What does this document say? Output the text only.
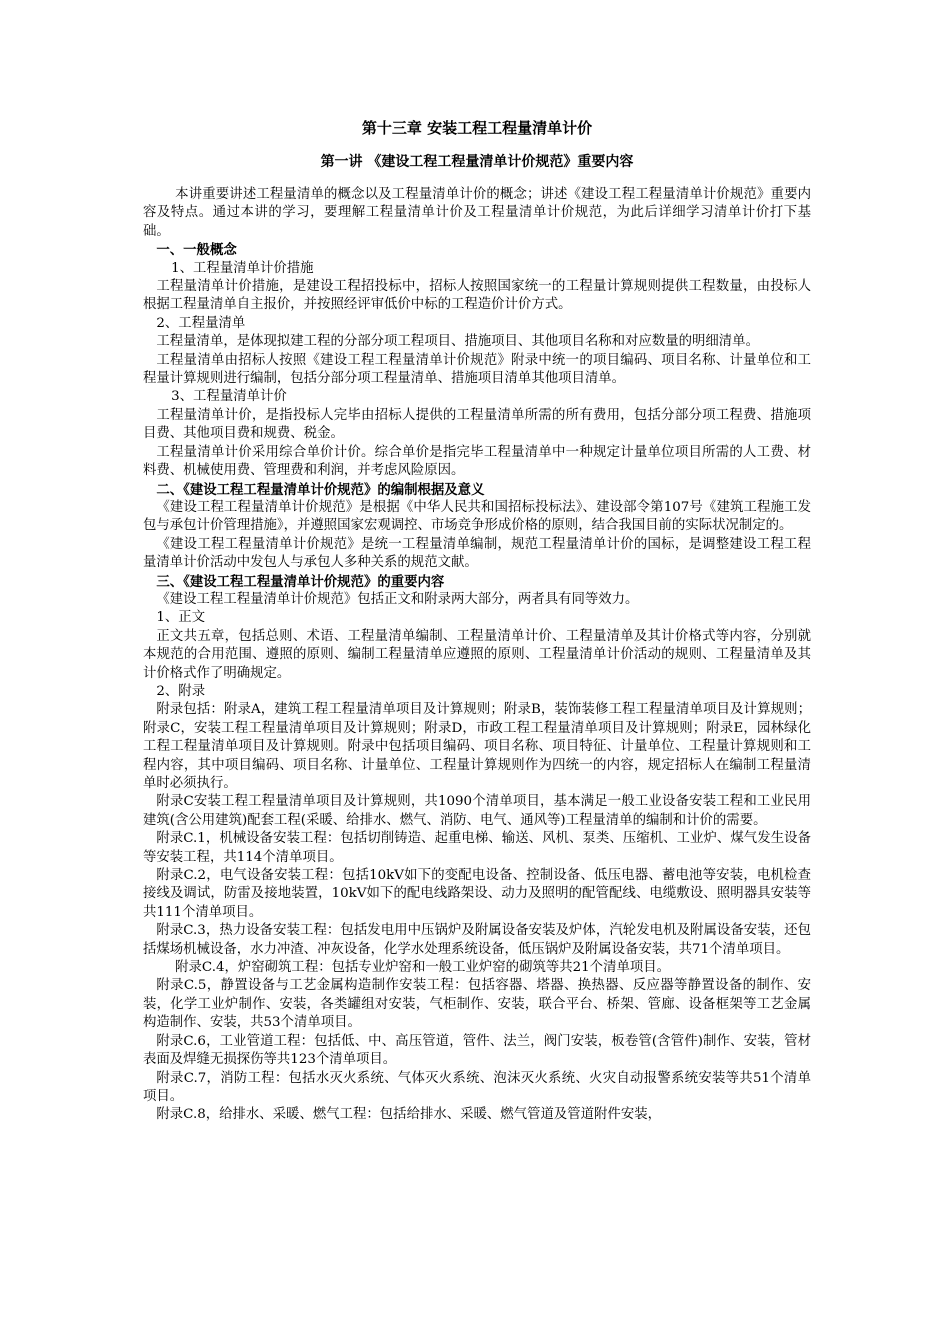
第十三章 安装工程工程量清单计价
第一讲 《建设工程工程量清单计价规范》重要内容

本讲重要讲述工程量清单的概念以及工程量清单计价的概念；讲述《建设工程工程量清单计价规范》重要内容及特点。通过本讲的学习，要理解工程量清单计价及工程量清单计价规范，为此后详细学习清单计价打下基础。

一、一般概念

1、工程量清单计价措施

工程量清单计价措施，是建设工程招投标中，招标人按照国家统一的工程量计算规则提供工程数量，由投标人根据工程量清单自主报价，并按照经评审低价中标的工程造价计价方式。

2、工程量清单

工程量清单，是体现拟建工程的分部分项工程项目、措施项目、其他项目名称和对应数量的明细清单。

工程量清单由招标人按照《建设工程工程量清单计价规范》附录中统一的项目编码、项目名称、计量单位和工程量计算规则进行编制，包括分部分项工程量清单、措施项目清单其他项目清单。

3、工程量清单计价

工程量清单计价，是指投标人完毕由招标人提供的工程量清单所需的所有费用，包括分部分项工程费、措施项目费、其他项目费和规费、税金。

工程量清单计价采用综合单价计价。综合单价是指完毕工程量清单中一种规定计量单位项目所需的人工费、材料费、机械使用费、管理费和利润，并考虑风险原因。

二、《建设工程工程量清单计价规范》的编制根据及意义

《建设工程工程量清单计价规范》是根据《中华人民共和国招标投标法》、建设部令第107号《建筑工程施工发包与承包计价管理措施》，并遵照国家宏观调控、市场竞争形成价格的原则，结合我国目前的实际状况制定的。

《建设工程工程量清单计价规范》是统一工程量清单编制，规范工程量清单计价的国标，是调整建设工程工程量清单计价活动中发包人与承包人多种关系的规范文献。

三、《建设工程工程量清单计价规范》的重要内容

《建设工程工程量清单计价规范》包括正文和附录两大部分，两者具有同等效力。

1、正文

正文共五章，包括总则、术语、工程量清单编制、工程量清单计价、工程量清单及其计价格式等内容，分别就本规范的合用范围、遵照的原则、编制工程量清单应遵照的原则、工程量清单计价活动的规则、工程量清单及其计价格式作了明确规定。

2、附录

附录包括：附录A，建筑工程工程量清单项目及计算规则；附录B，装饰装修工程工程量清单项目及计算规则；附录C，安装工程工程量清单项目及计算规则；附录D，市政工程工程量清单项目及计算规则；附录E，园林绿化工程工程量清单项目及计算规则。附录中包括项目编码、项目名称、项目特征、计量单位、工程量计算规则和工程内容，其中项目编码、项目名称、计量单位、工程量计算规则作为四统一的内容，规定招标人在编制工程量清单时必须执行。

附录C安装工程工程量清单项目及计算规则，共1090个清单项目，基本满足一般工业设备安装工程和工业民用建筑(含公用建筑)配套工程(采暖、给排水、燃气、消防、电气、通风等)工程量清单的编制和计价的需要。

附录C.1，机械设备安装工程：包括切削铸造、起重电梯、输送、风机、泵类、压缩机、工业炉、煤气发生设备等安装工程，共114个清单项目。

附录C.2，电气设备安装工程：包括10kV如下的变配电设备、控制设备、低压电器、蓄电池等安装，电机检查接线及调试，防雷及接地装置，10kV如下的配电线路架设、动力及照明的配管配线、电缆敷设、照明器具安装等共111个清单项目。

附录C.3，热力设备安装工程：包括发电用中压锅炉及附属设备安装及炉体，汽轮发电机及附属设备安装，还包括煤场机械设备，水力冲渣、冲灰设备，化学水处理系统设备，低压锅炉及附属设备安装，共71个清单项目。

附录C.4，炉窑砌筑工程：包括专业炉窑和一般工业炉窑的砌筑等共21个清单项目。

附录C.5，静置设备与工艺金属构造制作安装工程：包括容器、塔器、换热器、反应器等静置设备的制作、安装，化学工业炉制作、安装，各类罐组对安装，气柜制作、安装，联合平台、桥架、管廊、设备框架等工艺金属构造制作、安装，共53个清单项目。

附录C.6，工业管道工程：包括低、中、高压管道，管件、法兰，阀门安装，板卷管(含管件)制作、安装，管材表面及焊缝无损探伤等共123个清单项目。

附录C.7，消防工程：包括水灭火系统、气体灭火系统、泡沫灭火系统、火灾自动报警系统安装等共51个清单项目。

附录C.8，给排水、采暖、燃气工程：包括给排水、采暖、燃气管道及管道附件安装，
